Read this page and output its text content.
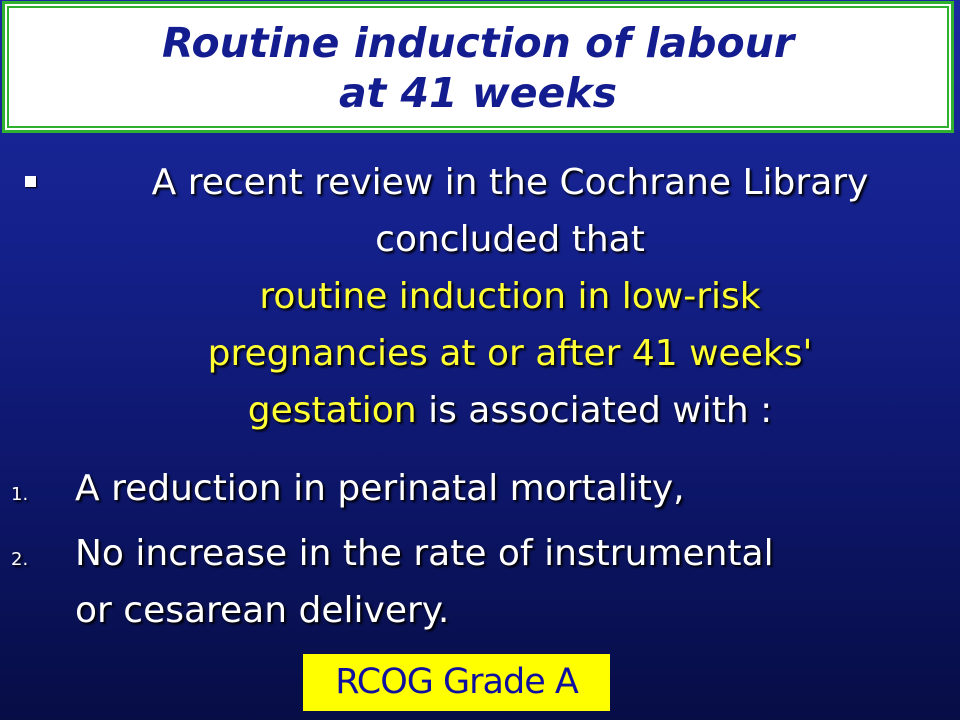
Routine induction of labour
at 41 weeks
A recent review in the Cochrane Library
concluded that
routine induction in low-risk
pregnancies at or after 41 weeks'
gestation is associated with :
1. A reduction in perinatal mortality,
2. No increase in the rate of instrumental
or cesarean delivery.
RCOG Grade A
